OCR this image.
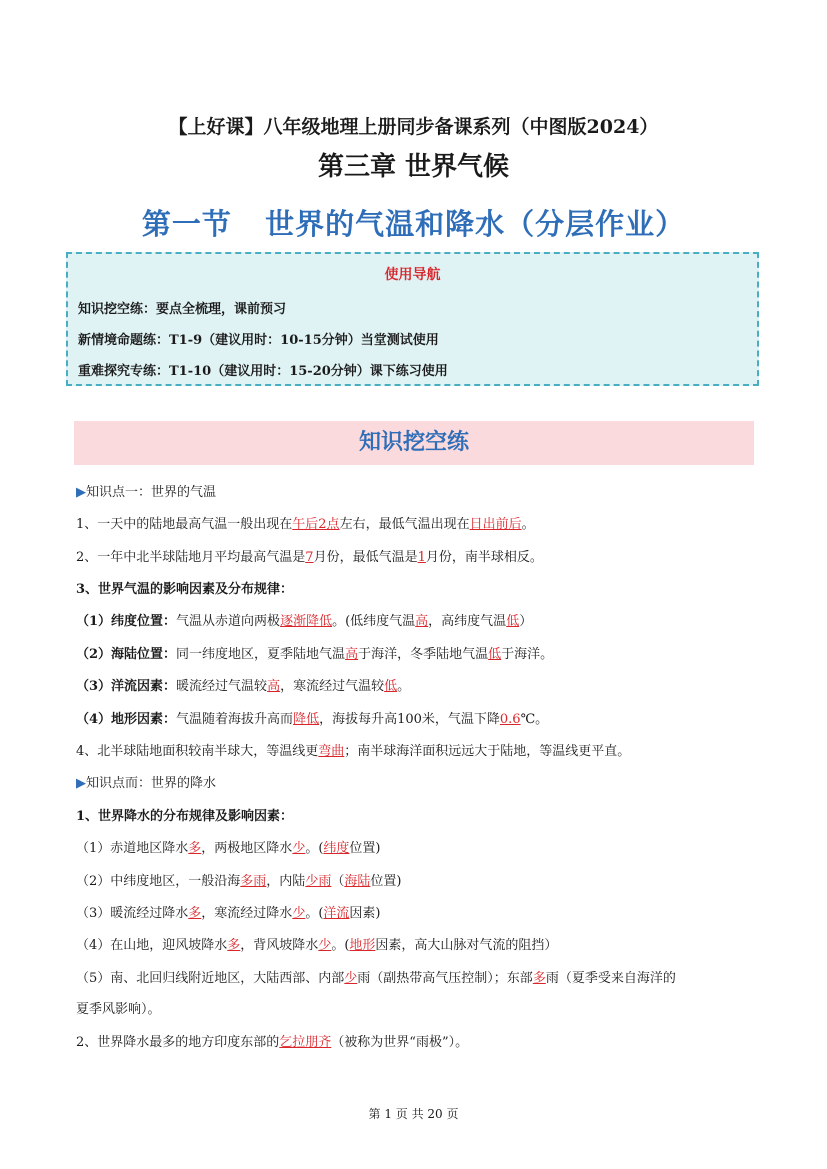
【上好课】八年级地理上册同步备课系列（中图版2024）
第三章 世界气候
第一节   世界的气温和降水（分层作业）
使用导航
知识挖空练：要点全梳理，课前预习
新情境命题练：T1-9（建议用时：10-15分钟）当堂测试使用
重难探究专练：T1-10（建议用时：15-20分钟）课下练习使用
知识挖空练
▶知识点一：世界的气温
1、一天中的陆地最高气温一般出现在午后2点左右，最低气温出现在日出前后。
2、一年中北半球陆地月平均最高气温是7月份，最低气温是1月份，南半球相反。
3、世界气温的影响因素及分布规律：
（1）纬度位置：气温从赤道向两极逐渐降低。(低纬度气温高，高纬度气温低）
（2）海陆位置：同一纬度地区，夏季陆地气温高于海洋，冬季陆地气温低于海洋。
（3）洋流因素：暖流经过气温较高，寒流经过气温较低。
（4）地形因素：气温随着海拔升高而降低，海拔每升高100米，气温下降0.6℃。
4、北半球陆地面积较南半球大，等温线更弯曲；南半球海洋面积远远大于陆地，等温线更平直。
▶知识点而：世界的降水
1、世界降水的分布规律及影响因素：
（1）赤道地区降水多，两极地区降水少。(纬度位置)
（2）中纬度地区，一般沿海多雨，内陆少雨（海陆位置)
（3）暖流经过降水多，寒流经过降水少。(洋流因素)
（4）在山地，迎风坡降水多，背风坡降水少。(地形因素，高大山脉对气流的阻挡）
（5）南、北回归线附近地区，大陆西部、内部少雨（副热带高气压控制）；东部多雨（夏季受来自海洋的
夏季风影响）。
2、世界降水最多的地方印度东部的乞拉朋齐（被称为世界“雨极”）。
第 1 页 共 20 页
